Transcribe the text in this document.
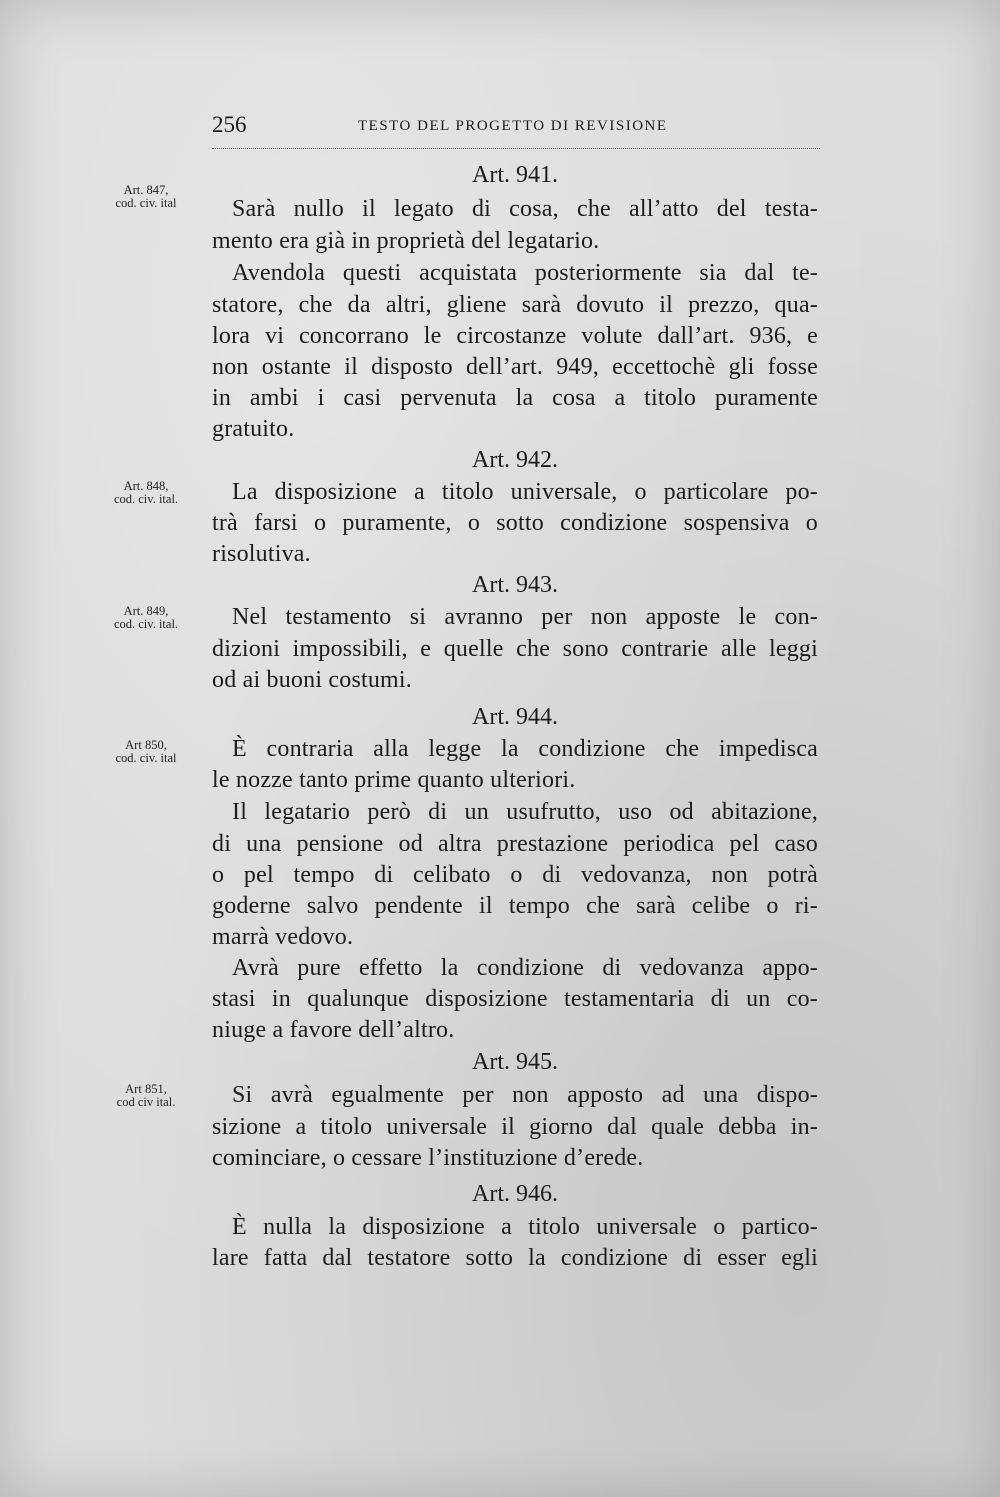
256	TESTO DEL PROGETTO DI REVISIONE
Art. 847,
cod. civ. ital
Art. 848,
cod. civ. ital.
Art. 849,
cod. civ. ital.
Art 850,
cod. civ. ital
Art 851,
cod civ ital.
Art. 941.
Sarà nullo il legato di cosa, che all’atto del testa-
mento era già in proprietà del legatario.
Avendola questi acquistata posteriormente sia dal te-
statore, che da altri, gliene sarà dovuto il prezzo, qua-
lora vi concorrano le circostanze volute dall’art. 936, e
non ostante il disposto dell’art. 949, eccettochè gli fosse
in ambi i casi pervenuta la cosa a titolo puramente
gratuito.
Art. 942.
La disposizione a titolo universale, o particolare po-
trà farsi o puramente, o sotto condizione sospensiva o
risolutiva.
Art. 943.
Nel testamento si avranno per non apposte le con-
dizioni impossibili, e quelle che sono contrarie alle leggi
od ai buoni costumi.
Art. 944.
È contraria alla legge la condizione che impedisca
le nozze tanto prime quanto ulteriori.
Il legatario però di un usufrutto, uso od abitazione,
di una pensione od altra prestazione periodica pel caso
o pel tempo di celibato o di vedovanza, non potrà
goderne salvo pendente il tempo che sarà celibe o ri-
marrà vedovo.
Avrà pure effetto la condizione di vedovanza appo-
stasi in qualunque disposizione testamentaria di un co-
niuge a favore dell’altro.
Art. 945.
Si avrà egualmente per non apposto ad una dispo-
sizione a titolo universale il giorno dal quale debba in-
cominciare, o cessare l’instituzione d’erede.
Art. 946.
È nulla la disposizione a titolo universale o partico-
lare fatta dal testatore sotto la condizione di esser egli
